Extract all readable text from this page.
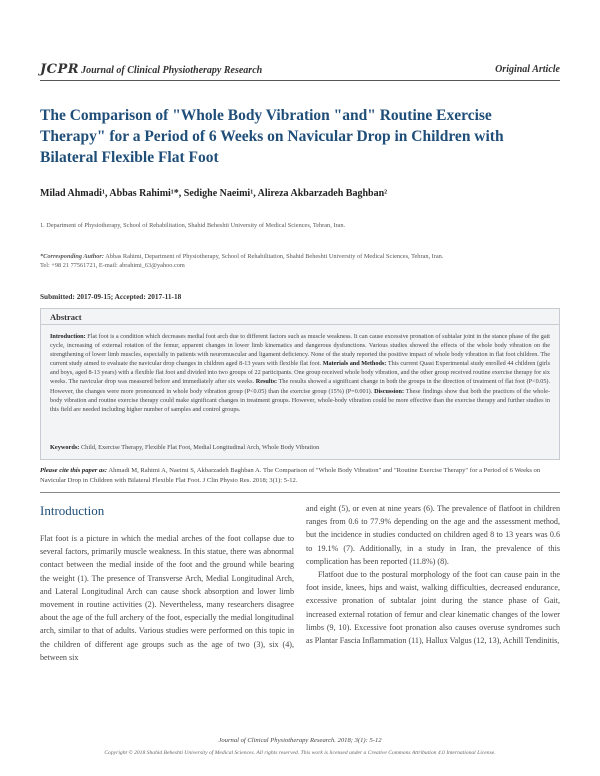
JCPR Journal of Clinical Physiotherapy Research	Original Article
The Comparison of "Whole Body Vibration "and" Routine Exercise Therapy" for a Period of 6 Weeks on Navicular Drop in Children with Bilateral Flexible Flat Foot
Milad Ahmadi¹, Abbas Rahimi¹*, Sedighe Naeimi¹, Alireza Akbarzadeh Baghban²
1. Department of Physiotherapy, School of Rehabilitation, Shahid Beheshti University of Medical Sciences, Tehran, Iran.
*Corresponding Author: Abbas Rahimi, Department of Physiotherapy, School of Rehabilitation, Shahid Beheshti University of Medical Sciences, Tehran, Iran.
Tel: +98 21 77561721, E-mail: abrahimi_63@yahoo.com
Submitted: 2017-09-15; Accepted: 2017-11-18
Abstract
Introduction: Flat foot is a condition which decreases medial foot arch due to different factors such as muscle weakness. It can cause excessive pronation of subtalar joint in the stance phase of the gait cycle, increasing of external rotation of the femur, apparent changes in lower limb kinematics and dangerous dysfunctions. Various studies showed the effects of the whole body vibration on the strengthening of lower limb muscles, especially in patients with neuromuscular and ligament deficiency. None of the study reported the positive impact of whole body vibration in flat foot children. The current study aimed to evaluate the navicular drop changes in children aged 8-13 years with flexible flat foot. Materials and Methods: This current Quasi Experimental study enrolled 44 children (girls and boys, aged 8-13 years) with a flexible flat foot and divided into two groups of 22 participants. One group received whole body vibration, and the other group received routine exercise therapy for six weeks. The navicular drop was measured before and immediately after six weeks. Results: The results showed a significant change in both the groups in the direction of treatment of flat foot (P<0.05). However, the changes were more pronounced in whole body vibration group (P<0.05) than the exercise group (15%) (P=0.001). Discussion: These findings show that both the practices of the whole-body vibration and routine exercise therapy could make significant changes in treatment groups. However, whole-body vibration could be more effective than the exercise therapy and further studies in this field are needed including higher number of samples and control groups.
Keywords: Child, Exercise Therapy, Flexible Flat Foot, Medial Longitudinal Arch, Whole Body Vibration
Please cite this paper as: Ahmadi M, Rahimi A, Naeimi S, Akbarzadeh Baghban A. The Comparison of "Whole Body Vibration" and "Routine Exercise Therapy" for a Period of 6 Weeks on Navicular Drop in Children with Bilateral Flexible Flat Foot. J Clin Physio Res. 2018; 3(1): 5-12.
Introduction

Flat foot is a picture in which the medial arches of the foot collapse due to several factors, primarily muscle weakness. In this statue, there was abnormal contact between the medial inside of the foot and the ground while bearing the weight (1). The presence of Transverse Arch, Medial Longitudinal Arch, and Lateral Longitudinal Arch can cause shock absorption and lower limb movement in routine activities (2). Nevertheless, many researchers disagree about the age of the full archery of the foot, especially the medial longitudinal arch, similar to that of adults. Various studies were performed on this topic in the children of different age groups such as the age of two (3), six (4), between six

and eight (5), or even at nine years (6). The prevalence of flatfoot in children ranges from 0.6 to 77.9% depending on the age and the assessment method, but the incidence in studies conducted on children aged 8 to 13 years was 0.6 to 19.1% (7). Additionally, in a study in Iran, the prevalence of this complication has been reported (11.8%) (8).

Flatfoot due to the postural morphology of the foot can cause pain in the foot inside, knees, hips and waist, walking difficulties, decreased endurance, excessive pronation of subtalar joint during the stance phase of Gait, increased external rotation of femur and clear kinematic changes of the lower limbs (9, 10). Excessive foot pronation also causes overuse syndromes such as Plantar Fascia Inflammation (11), Hallux Valgus (12, 13), Achill Tendinitis,

Journal of Clinical Physiotherapy Research. 2018; 3(1): 5-12
Copyright © 2018 Shahid Beheshti University of Medical Sciences. All rights reserved. This work is licensed under a Creative Commons Attribution 4.0 International License.
